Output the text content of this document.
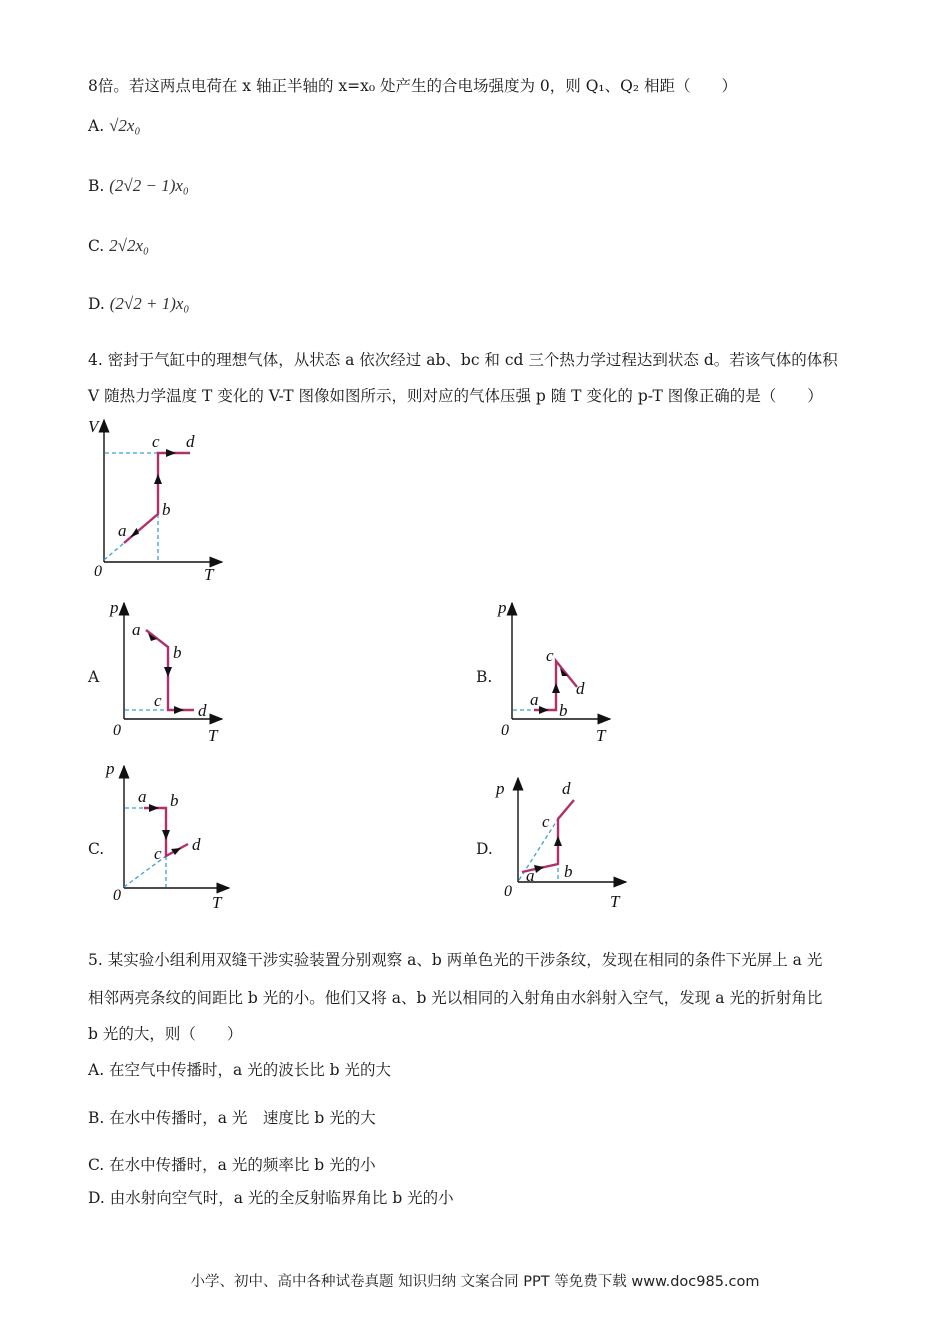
8倍。若这两点电荷在 x 轴正半轴的 x=x₀ 处产生的合电场强度为 0，则 Q₁、Q₂ 相距（　　）
A. √2x₀
B. (2√2 − 1)x₀
C. 2√2x₀
D. (2√2 + 1)x₀
4. 密封于气缸中的理想气体，从状态 a 依次经过 ab、bc 和 cd 三个热力学过程达到状态 d。若该气体的体积
V 随热力学温度 T 变化的 V-T 图像如图所示，则对应的气体压强 p 随 T 变化的 p-T 图像正确的是（　　）
V
T
0
a
b
c d
A
p
T
0
a
b
c
d
B.
p
T
0
a
b
c
d
C.
p
T
0
a b
c d	D.
p
T
0
a b
c
d
5. 某实验小组利用双缝干涉实验装置分别观察 a、b 两单色光的干涉条纹，发现在相同的条件下光屏上 a 光
相邻两亮条纹的间距比 b 光的小。他们又将 a、b 光以相同的入射角由水斜射入空气，发现 a 光的折射角比
b 光的大，则（　　）
A. 在空气中传播时，a 光的波长比 b 光的大
B. 在水中传播时，a 光　速度比 b 光的大
C. 在水中传播时，a 光的频率比 b 光的小
D. 由水射向空气时，a 光的全反射临界角比 b 光的小
小学、初中、高中各种试卷真题 知识归纳 文案合同 PPT 等免费下载 www.doc985.com
